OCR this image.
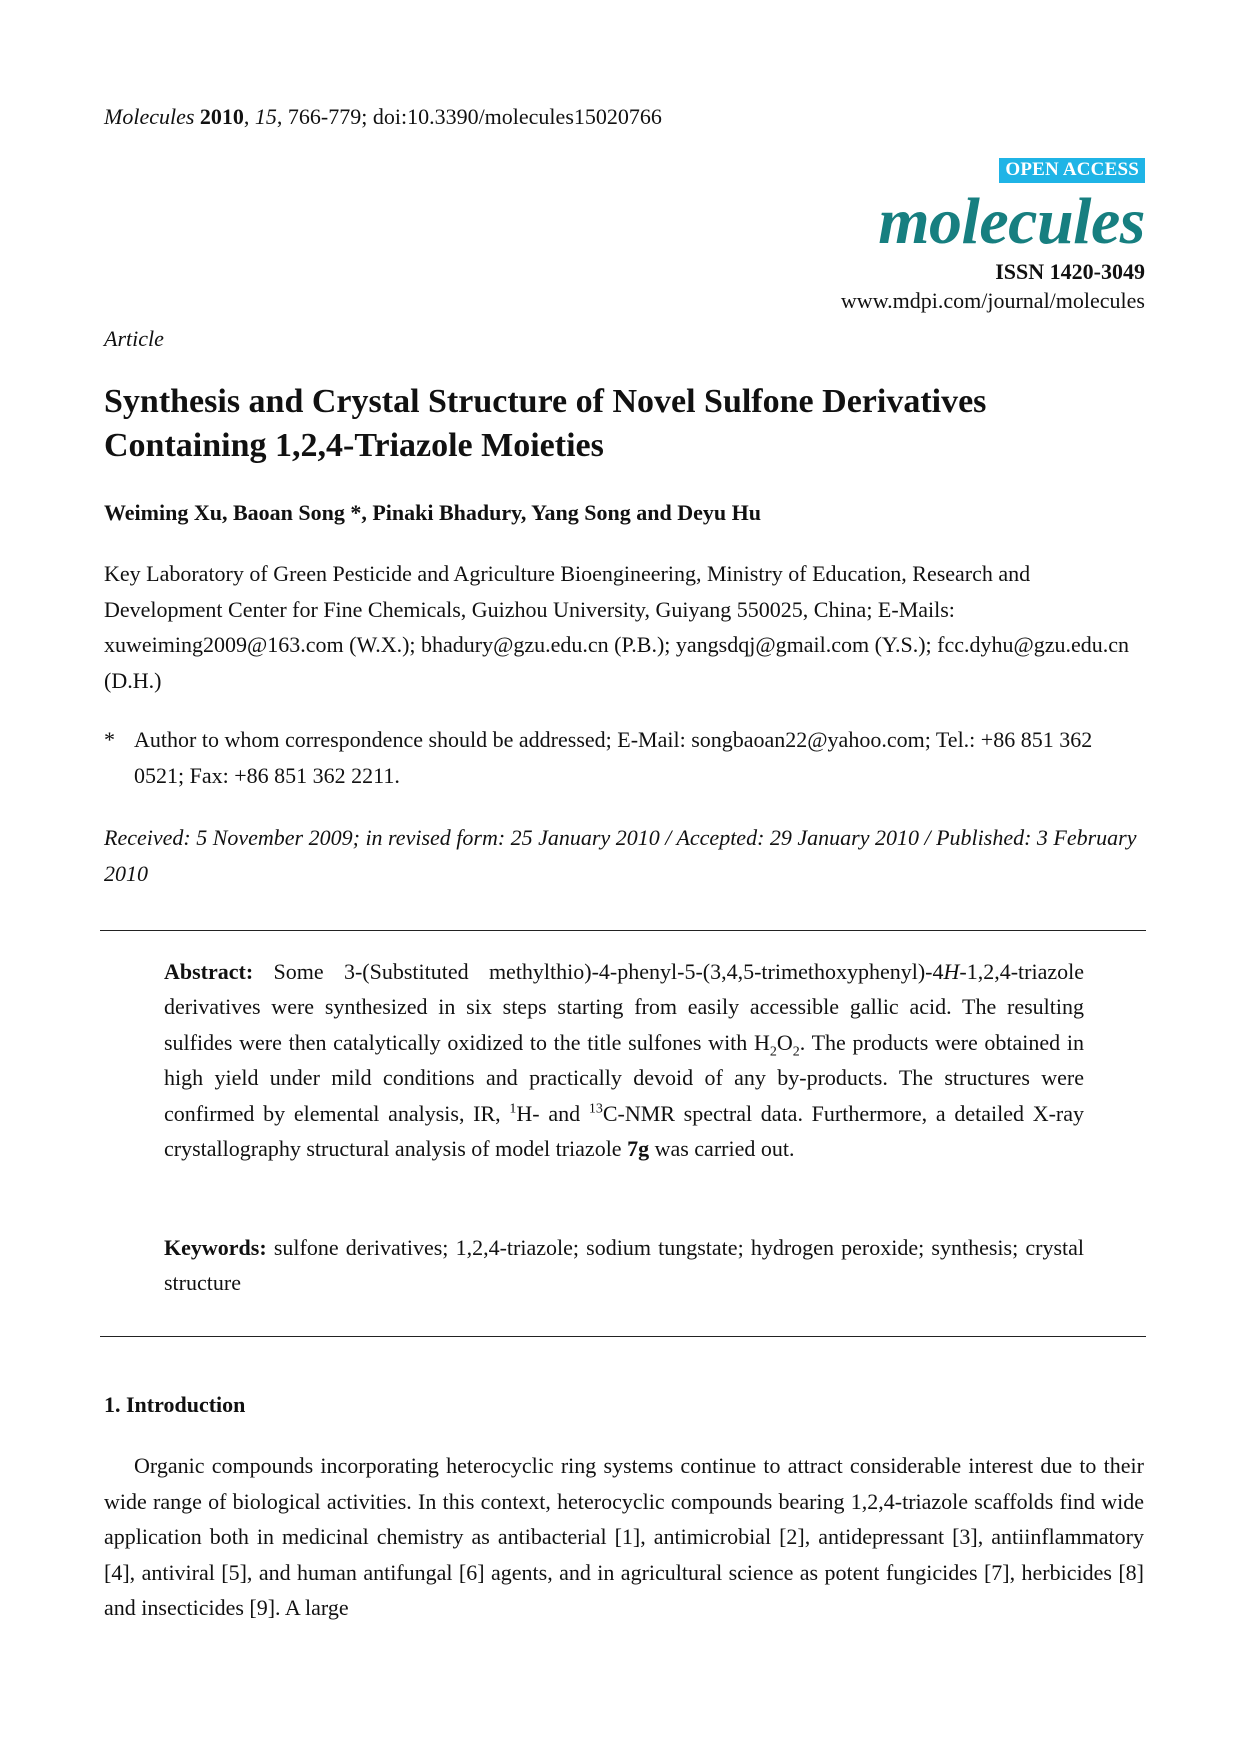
Molecules 2010, 15, 766-779; doi:10.3390/molecules15020766
OPEN ACCESS
molecules
ISSN 1420-3049
www.mdpi.com/journal/molecules
Article
Synthesis and Crystal Structure of Novel Sulfone Derivatives Containing 1,2,4-Triazole Moieties
Weiming Xu, Baoan Song *, Pinaki Bhadury, Yang Song and Deyu Hu
Key Laboratory of Green Pesticide and Agriculture Bioengineering, Ministry of Education, Research and Development Center for Fine Chemicals, Guizhou University, Guiyang 550025, China; E-Mails: xuweiming2009@163.com (W.X.); bhadury@gzu.edu.cn (P.B.); yangsdqj@gmail.com (Y.S.); fcc.dyhu@gzu.edu.cn (D.H.)
* Author to whom correspondence should be addressed; E-Mail: songbaoan22@yahoo.com; Tel.: +86 851 362 0521; Fax: +86 851 362 2211.
Received: 5 November 2009; in revised form: 25 January 2010 / Accepted: 29 January 2010 / Published: 3 February 2010
Abstract: Some 3-(Substituted methylthio)-4-phenyl-5-(3,4,5-trimethoxyphenyl)-4H-1,2,4-triazole derivatives were synthesized in six steps starting from easily accessible gallic acid. The resulting sulfides were then catalytically oxidized to the title sulfones with $H_2O_2$. The products were obtained in high yield under mild conditions and practically devoid of any by-products. The structures were confirmed by elemental analysis, IR, $^1$H- and $^{13}$C-NMR spectral data. Furthermore, a detailed X-ray crystallography structural analysis of model triazole 7g was carried out.
Keywords: sulfone derivatives; 1,2,4-triazole; sodium tungstate; hydrogen peroxide; synthesis; crystal structure
1. Introduction
Organic compounds incorporating heterocyclic ring systems continue to attract considerable interest due to their wide range of biological activities. In this context, heterocyclic compounds bearing 1,2,4-triazole scaffolds find wide application both in medicinal chemistry as antibacterial [1], antimicrobial [2], antidepressant [3], antiinflammatory [4], antiviral [5], and human antifungal [6] agents, and in agricultural science as potent fungicides [7], herbicides [8] and insecticides [9]. A large
